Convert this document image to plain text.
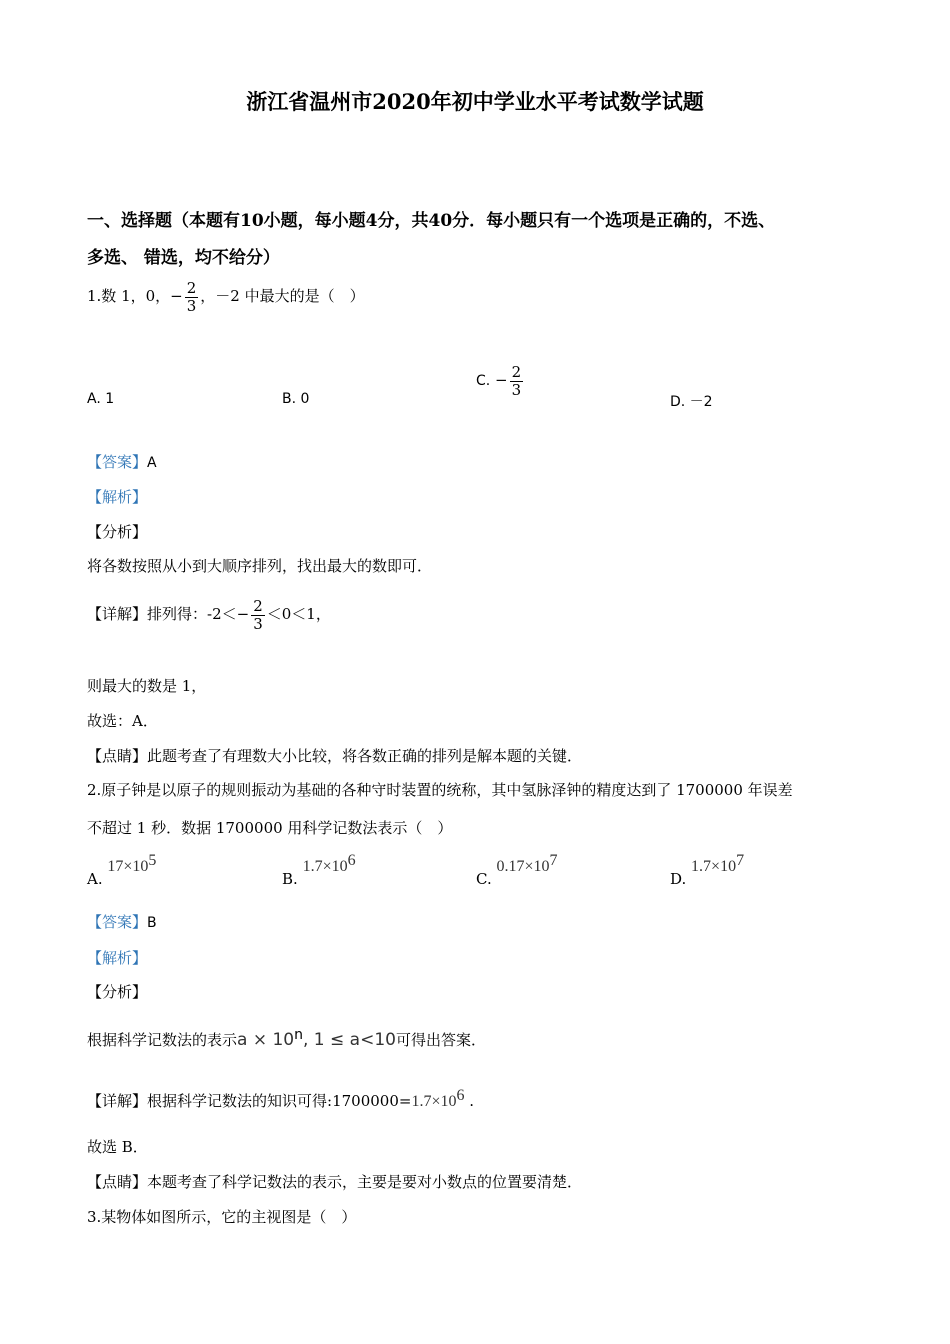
浙江省温州市2020年初中学业水平考试数学试题
一、选择题（本题有10小题，每小题4分，共40分．每小题只有一个选项是正确的，不选、
多选、 错选，均不给分）
1.数 1，0，− $\frac{2}{3}$ ，－2 中最大的是（　）
A. 1	B. 0
C. − $\frac{2}{3}$
D. －2
【答案】A
【解析】
【分析】
将各数按照从小到大顺序排列，找出最大的数即可．
【详解】排列得：$-2<- \frac{2}{3} <0<1$，
则最大的数是 1，
故选：A．
【点睛】此题考查了有理数大小比较，将各数正确的排列是解本题的关键．
2.原子钟是以原子的规则振动为基础的各种守时装置的统称，其中氢脉泽钟的精度达到了 1700000 年误差
不超过 1 秒．数据 1700000 用科学记数法表示（　）
A. $17\times 10^5$
B. $1.7\times 10^6$
C. $0.17\times 10^7$
D. $1.7\times 10^7$
【答案】B
【解析】
【分析】
根据科学记数法的表示$a \times 10^n$, 1 ≤ a<10可得出答案．
【详解】根据科学记数法的知识可得$:1700000=1.7\times 10^6$ .
故选 B．
【点睛】本题考查了科学记数法的表示，主要是要对小数点的位置要清楚．
3.某物体如图所示，它的主视图是（　）
